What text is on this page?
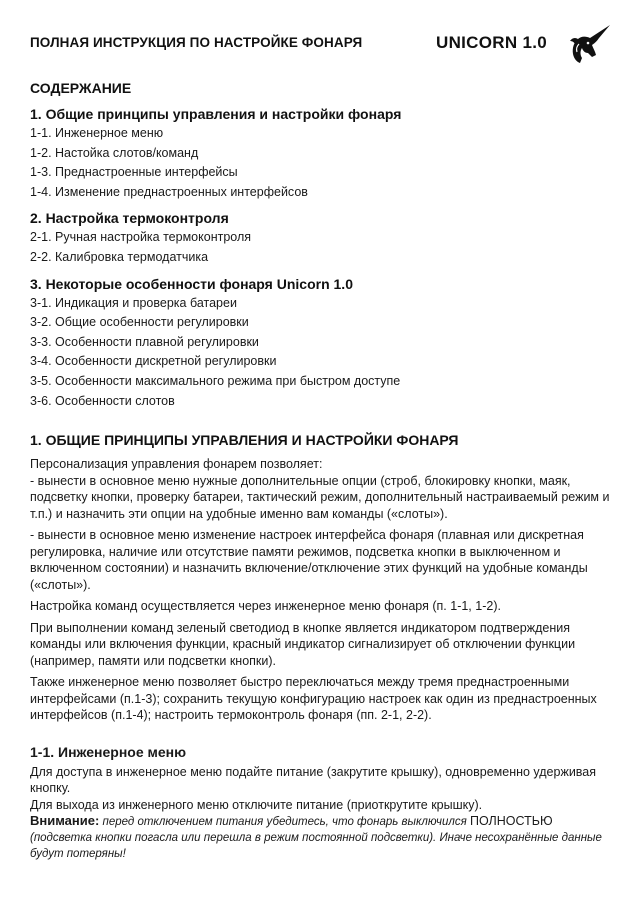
ПОЛНАЯ ИНСТРУКЦИЯ ПО НАСТРОЙКЕ ФОНАРЯ	UNICORN 1.0
СОДЕРЖАНИЕ
1. Общие принципы управления и настройки фонаря
1-1. Инженерное меню
1-2. Настойка слотов/команд
1-3. Преднастроенные интерфейсы
1-4. Изменение преднастроенных интерфейсов
2. Настройка термоконтроля
2-1. Ручная настройка термоконтроля
2-2. Калибровка термодатчика
3. Некоторые особенности фонаря Unicorn 1.0
3-1. Индикация и проверка батареи
3-2. Общие особенности регулировки
3-3. Особенности плавной регулировки
3-4. Особенности дискретной регулировки
3-5. Особенности максимального режима при быстром доступе
3-6. Особенности слотов
1. ОБЩИЕ ПРИНЦИПЫ УПРАВЛЕНИЯ И НАСТРОЙКИ ФОНАРЯ
Персонализация управления фонарем позволяет:
- вынести в основное меню нужные дополнительные опции (строб, блокировку кнопки, маяк, подсветку кнопки, проверку батареи, тактический режим, дополнительный настраиваемый режим и т.п.) и назначить эти опции на удобные именно вам команды («слоты»).
- вынести в основное меню изменение настроек интерфейса фонаря (плавная или дискретная регулировка, наличие или отсутствие памяти режимов, подсветка кнопки в выключенном и включенном состоянии) и назначить включение/отключение этих функций на удобные команды («слоты»).
Настройка команд осуществляется через инженерное меню фонаря (п. 1-1, 1-2).
При выполнении команд зеленый светодиод в кнопке является индикатором подтверждения команды или включения функции, красный индикатор сигнализирует об отключении функции (например, памяти или подсветки кнопки).
Также инженерное меню позволяет быстро переключаться между тремя преднастроенными интерфейсами (п.1-3); сохранить текущую конфигурацию настроек как один из преднастроенных интерфейсов (п.1-4); настроить термоконтроль фонаря (пп. 2-1, 2-2).
1-1. Инженерное меню
Для доступа в инженерное меню подайте питание (закрутите крышку), одновременно удерживая кнопку.
Для выхода из инженерного меню отключите питание (приоткрутите крышку).
Внимание: перед отключением питания убедитесь, что фонарь выключился ПОЛНОСТЬЮ (подсветка кнопки погасла или перешла в режим постоянной подсветки). Иначе несохранённые данные будут потеряны!
